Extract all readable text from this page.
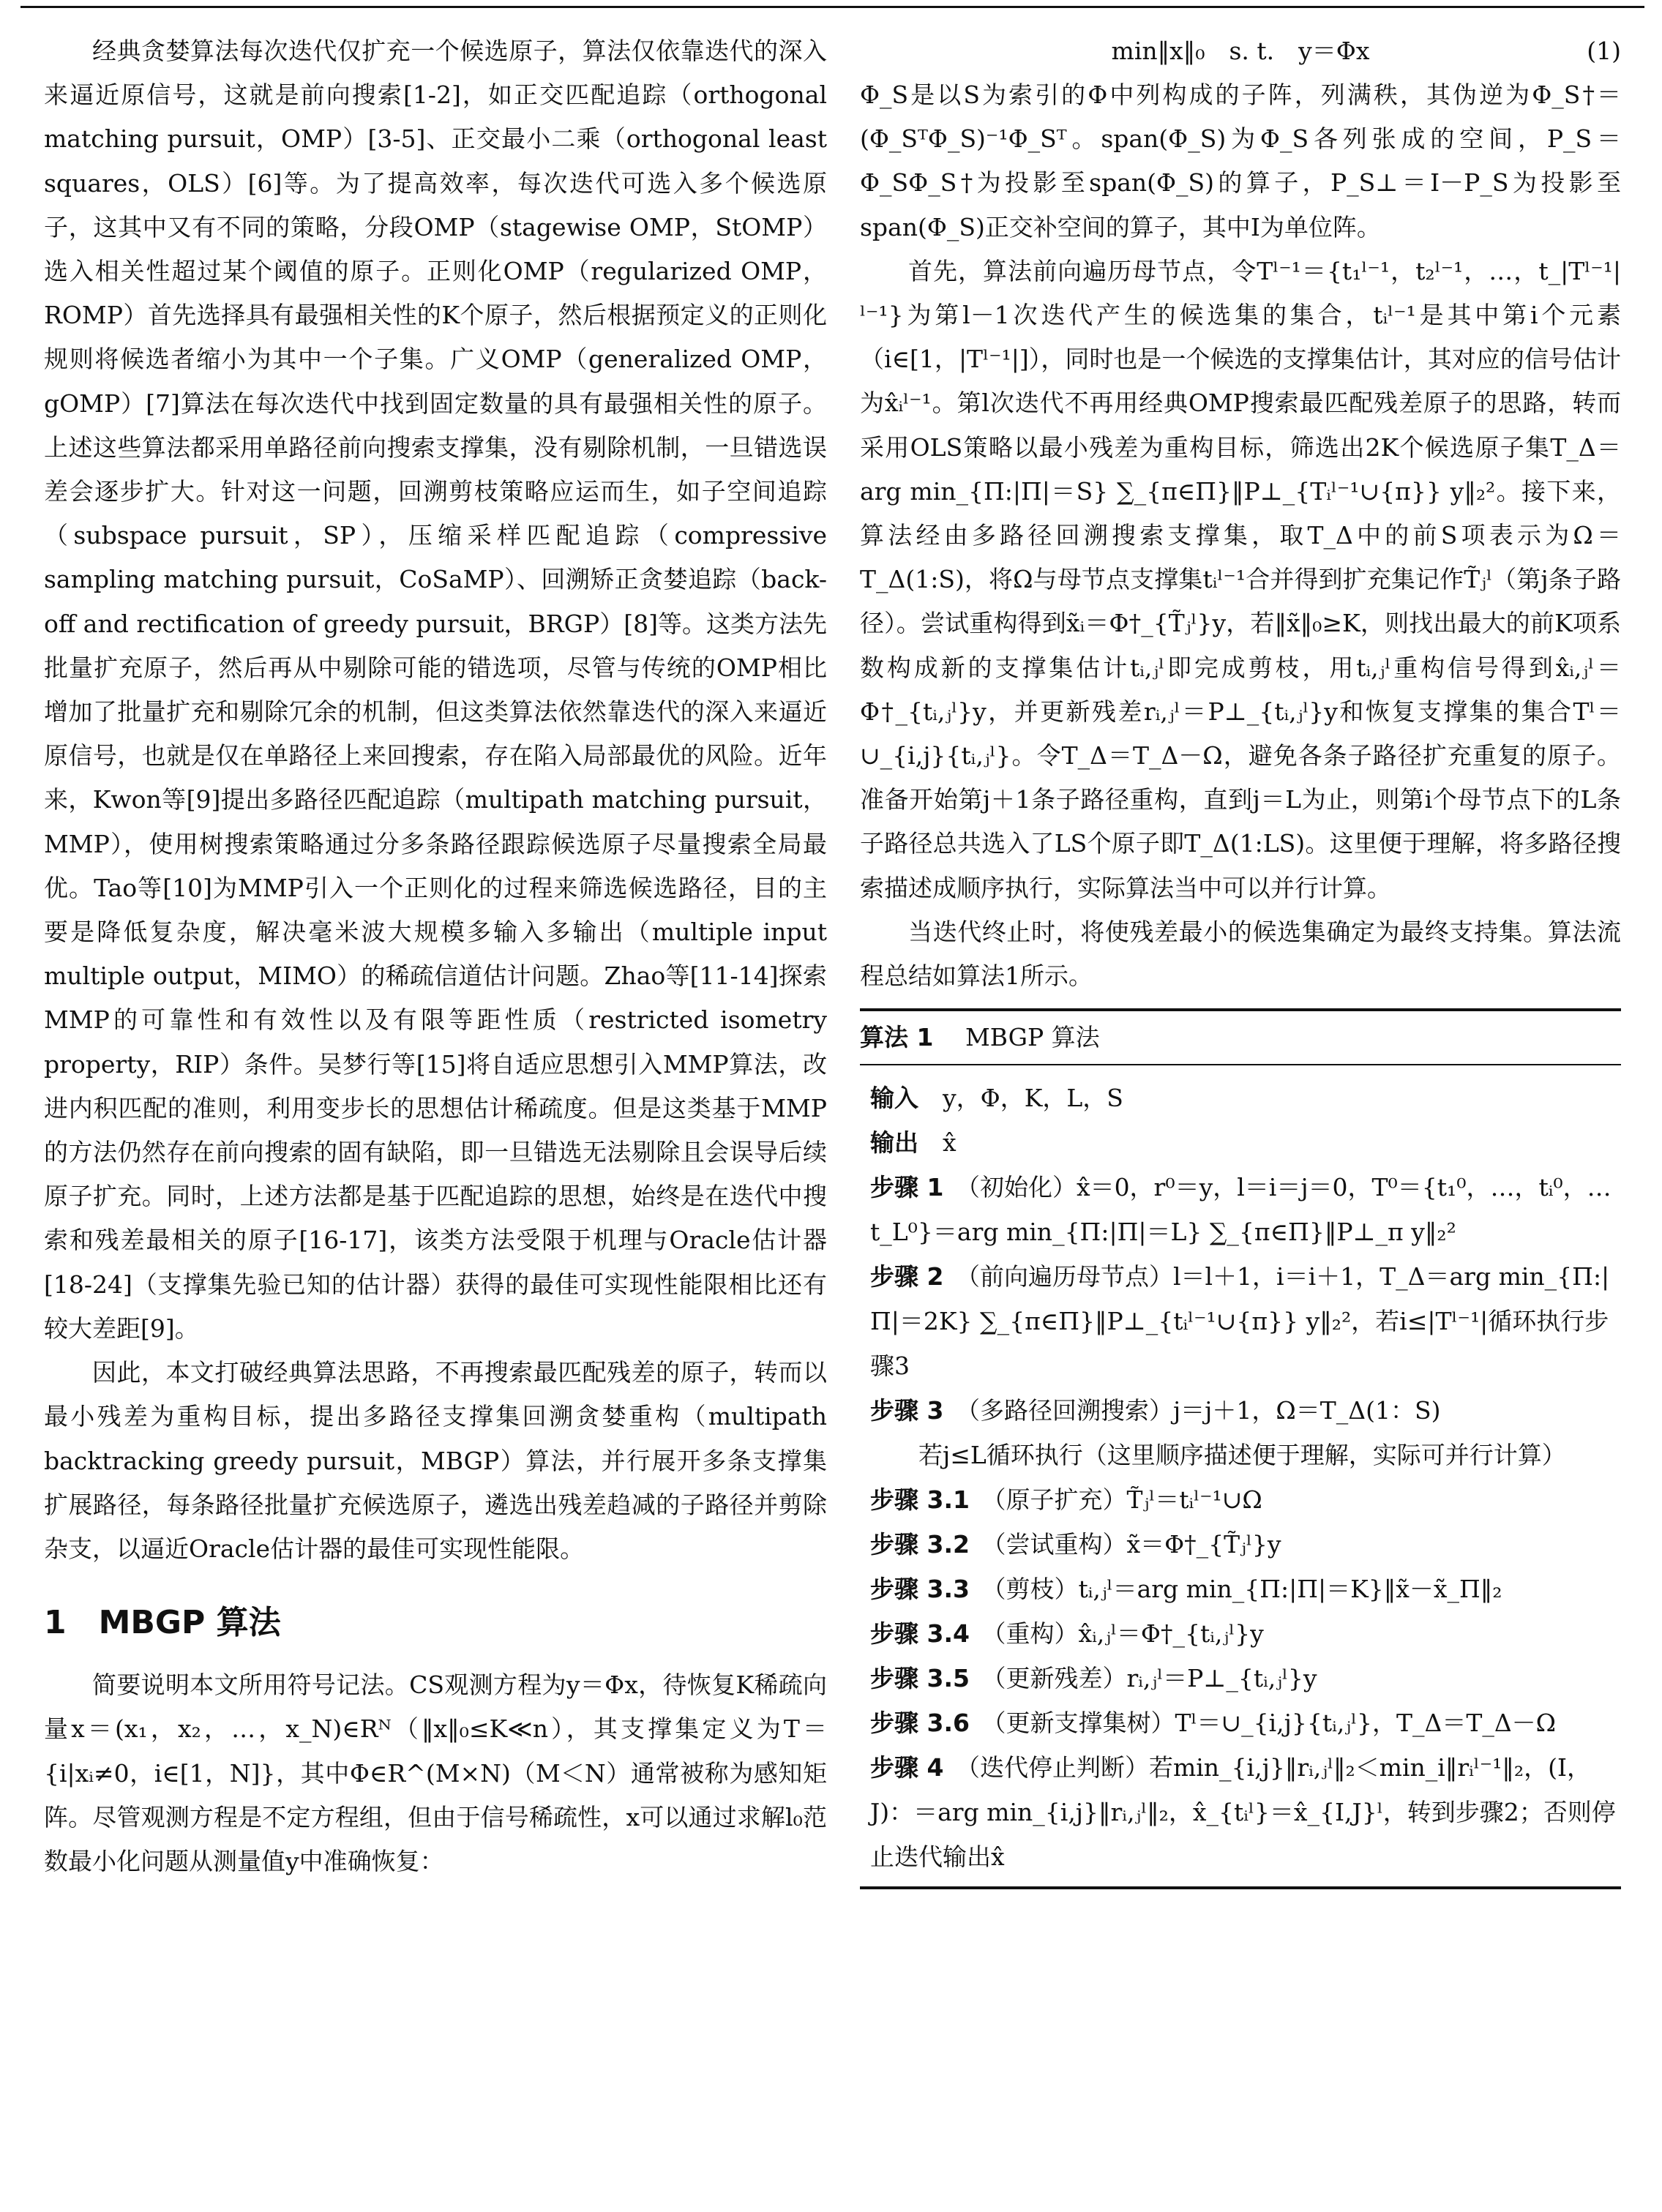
经典贪婪算法每次迭代仅扩充一个候选原子，算法仅依靠迭代的深入来逼近原信号，这就是前向搜索[1-2]，如正交匹配追踪（orthogonal matching pursuit，OMP）[3-5]、正交最小二乘（orthogonal least squares，OLS）[6]等。为了提高效率，每次迭代可选入多个候选原子，这其中又有不同的策略，分段OMP（stagewise OMP，StOMP）选入相关性超过某个阈值的原子。正则化OMP（regularized OMP，ROMP）首先选择具有最强相关性的K个原子，然后根据预定义的正则化规则将候选者缩小为其中一个子集。广义OMP（generalized OMP，gOMP）[7]算法在每次迭代中找到固定数量的具有最强相关性的原子。上述这些算法都采用单路径前向搜索支撑集，没有剔除机制，一旦错选误差会逐步扩大。针对这一问题，回溯剪枝策略应运而生，如子空间追踪（subspace pursuit，SP），压缩采样匹配追踪（compressive sampling matching pursuit，CoSaMP）、回溯矫正贪婪追踪（back-off and rectification of greedy pursuit，BRGP）[8]等。这类方法先批量扩充原子，然后再从中剔除可能的错选项，尽管与传统的OMP相比增加了批量扩充和剔除冗余的机制，但这类算法依然靠迭代的深入来逼近原信号，也就是仅在单路径上来回搜索，存在陷入局部最优的风险。近年来，Kwon等[9]提出多路径匹配追踪（multipath matching pursuit，MMP），使用树搜索策略通过分多条路径跟踪候选原子尽量搜索全局最优。Tao等[10]为MMP引入一个正则化的过程来筛选候选路径，目的主要是降低复杂度，解决毫米波大规模多输入多输出（multiple input multiple output，MIMO）的稀疏信道估计问题。Zhao等[11-14]探索MMP的可靠性和有效性以及有限等距性质（restricted isometry property，RIP）条件。吴梦行等[15]将自适应思想引入MMP算法，改进内积匹配的准则，利用变步长的思想估计稀疏度。但是这类基于MMP的方法仍然存在前向搜索的固有缺陷，即一旦错选无法剔除且会误导后续原子扩充。同时，上述方法都是基于匹配追踪的思想，始终是在迭代中搜索和残差最相关的原子[16-17]，该类方法受限于机理与Oracle估计器[18-24]（支撑集先验已知的估计器）获得的最佳可实现性能限相比还有较大差距[9]。

因此，本文打破经典算法思路，不再搜索最匹配残差的原子，转而以最小残差为重构目标，提出多路径支撑集回溯贪婪重构（multipath backtracking greedy pursuit，MBGP）算法，并行展开多条支撑集扩展路径，每条路径批量扩充候选原子，遴选出残差趋减的子路径并剪除杂支，以逼近Oracle估计器的最佳可实现性能限。

1　MBGP 算法

简要说明本文所用符号记法。CS观测方程为y＝Φx，待恢复K稀疏向量x＝(x₁，x₂，…，x_N)∈Rᴺ（‖x‖₀≤K≪n），其支撑集定义为T＝{i|xᵢ≠0，i∈[1，N]}，其中Φ∈R^(M×N)（M＜N）通常被称为感知矩阵。尽管观测方程是不定方程组，但由于信号稀疏性，x可以通过求解l₀范数最小化问题从测量值y中准确恢复：

min‖x‖₀　s. t.　y＝Φx	(1)

Φ_S是以S为索引的Φ中列构成的子阵，列满秩，其伪逆为Φ_S†＝(Φ_SᵀΦ_S)⁻¹Φ_Sᵀ。span(Φ_S)为Φ_S各列张成的空间，P_S＝Φ_SΦ_S†为投影至span(Φ_S)的算子，P_S⊥＝I－P_S为投影至span(Φ_S)正交补空间的算子，其中I为单位阵。

首先，算法前向遍历母节点，令Tˡ⁻¹＝{t₁ˡ⁻¹，t₂ˡ⁻¹，…，t_|Tˡ⁻¹|ˡ⁻¹}为第l－1次迭代产生的候选集的集合，tᵢˡ⁻¹是其中第i个元素（i∈[1，|Tˡ⁻¹|]），同时也是一个候选的支撑集估计，其对应的信号估计为x̂ᵢˡ⁻¹。第l次迭代不再用经典OMP搜索最匹配残差原子的思路，转而采用OLS策略以最小残差为重构目标，筛选出2K个候选原子集T_Δ＝arg min_{Π:|Π|＝S} ∑_{π∈Π}‖P⊥_{Tᵢˡ⁻¹∪{π}} y‖₂²。接下来，算法经由多路径回溯搜索支撑集，取T_Δ中的前S项表示为Ω＝T_Δ(1:S)，将Ω与母节点支撑集tᵢˡ⁻¹合并得到扩充集记作T̃ⱼˡ（第j条子路径）。尝试重构得到x̃ᵢ＝Φ†_{T̃ⱼˡ}y，若‖x̃‖₀≥K，则找出最大的前K项系数构成新的支撑集估计tᵢ,ⱼˡ即完成剪枝，用tᵢ,ⱼˡ重构信号得到x̂ᵢ,ⱼˡ＝Φ†_{tᵢ,ⱼˡ}y，并更新残差rᵢ,ⱼˡ＝P⊥_{tᵢ,ⱼˡ}y和恢复支撑集的集合Tˡ＝∪_{i,j}{tᵢ,ⱼˡ}。令T_Δ＝T_Δ－Ω，避免各条子路径扩充重复的原子。准备开始第j＋1条子路径重构，直到j＝L为止，则第i个母节点下的L条子路径总共选入了LS个原子即T_Δ(1:LS)。这里便于理解，将多路径搜索描述成顺序执行，实际算法当中可以并行计算。

当迭代终止时，将使残差最小的候选集确定为最终支持集。算法流程总结如算法1所示。

算法 1 　 MBGP 算法

输入　 y，Φ，K，L，S

输出　 x̂

步骤 1　 （初始化）x̂＝0，r⁰＝y，l＝i＝j＝0，T⁰＝{t₁⁰，…，tᵢ⁰，…t_L⁰}＝arg min_{Π:|Π|＝L} ∑_{π∈Π}‖P⊥_π y‖₂²

步骤 2　 （前向遍历母节点）l＝l＋1，i＝i＋1，T_Δ＝arg min_{Π:|Π|＝2K} ∑_{π∈Π}‖P⊥_{tᵢˡ⁻¹∪{π}} y‖₂²，若i≤|Tˡ⁻¹|循环执行步骤3

步骤 3　 （多路径回溯搜索）j＝j＋1，Ω＝T_Δ(1：S)

若j≤L循环执行（这里顺序描述便于理解，实际可并行计算）

步骤 3.1　 （原子扩充）T̃ⱼˡ＝tᵢˡ⁻¹∪Ω

步骤 3.2　 （尝试重构）x̃＝Φ†_{T̃ⱼˡ}y

步骤 3.3　 （剪枝）tᵢ,ⱼˡ＝arg min_{Π:|Π|＝K}‖x̃－x̃_Π‖₂

步骤 3.4　 （重构）x̂ᵢ,ⱼˡ＝Φ†_{tᵢ,ⱼˡ}y

步骤 3.5　 （更新残差）rᵢ,ⱼˡ＝P⊥_{tᵢ,ⱼˡ}y

步骤 3.6　 （更新支撑集树）Tˡ＝∪_{i,j}{tᵢ,ⱼˡ}，T_Δ＝T_Δ－Ω

步骤 4　 （迭代停止判断）若min_{i,j}‖rᵢ,ⱼˡ‖₂＜min_i‖rᵢˡ⁻¹‖₂，(I，J)：＝arg min_{i,j}‖rᵢ,ⱼˡ‖₂，x̂_{tᵢˡ}＝x̂_{I,J}ˡ，转到步骤2；否则停止迭代输出x̂
